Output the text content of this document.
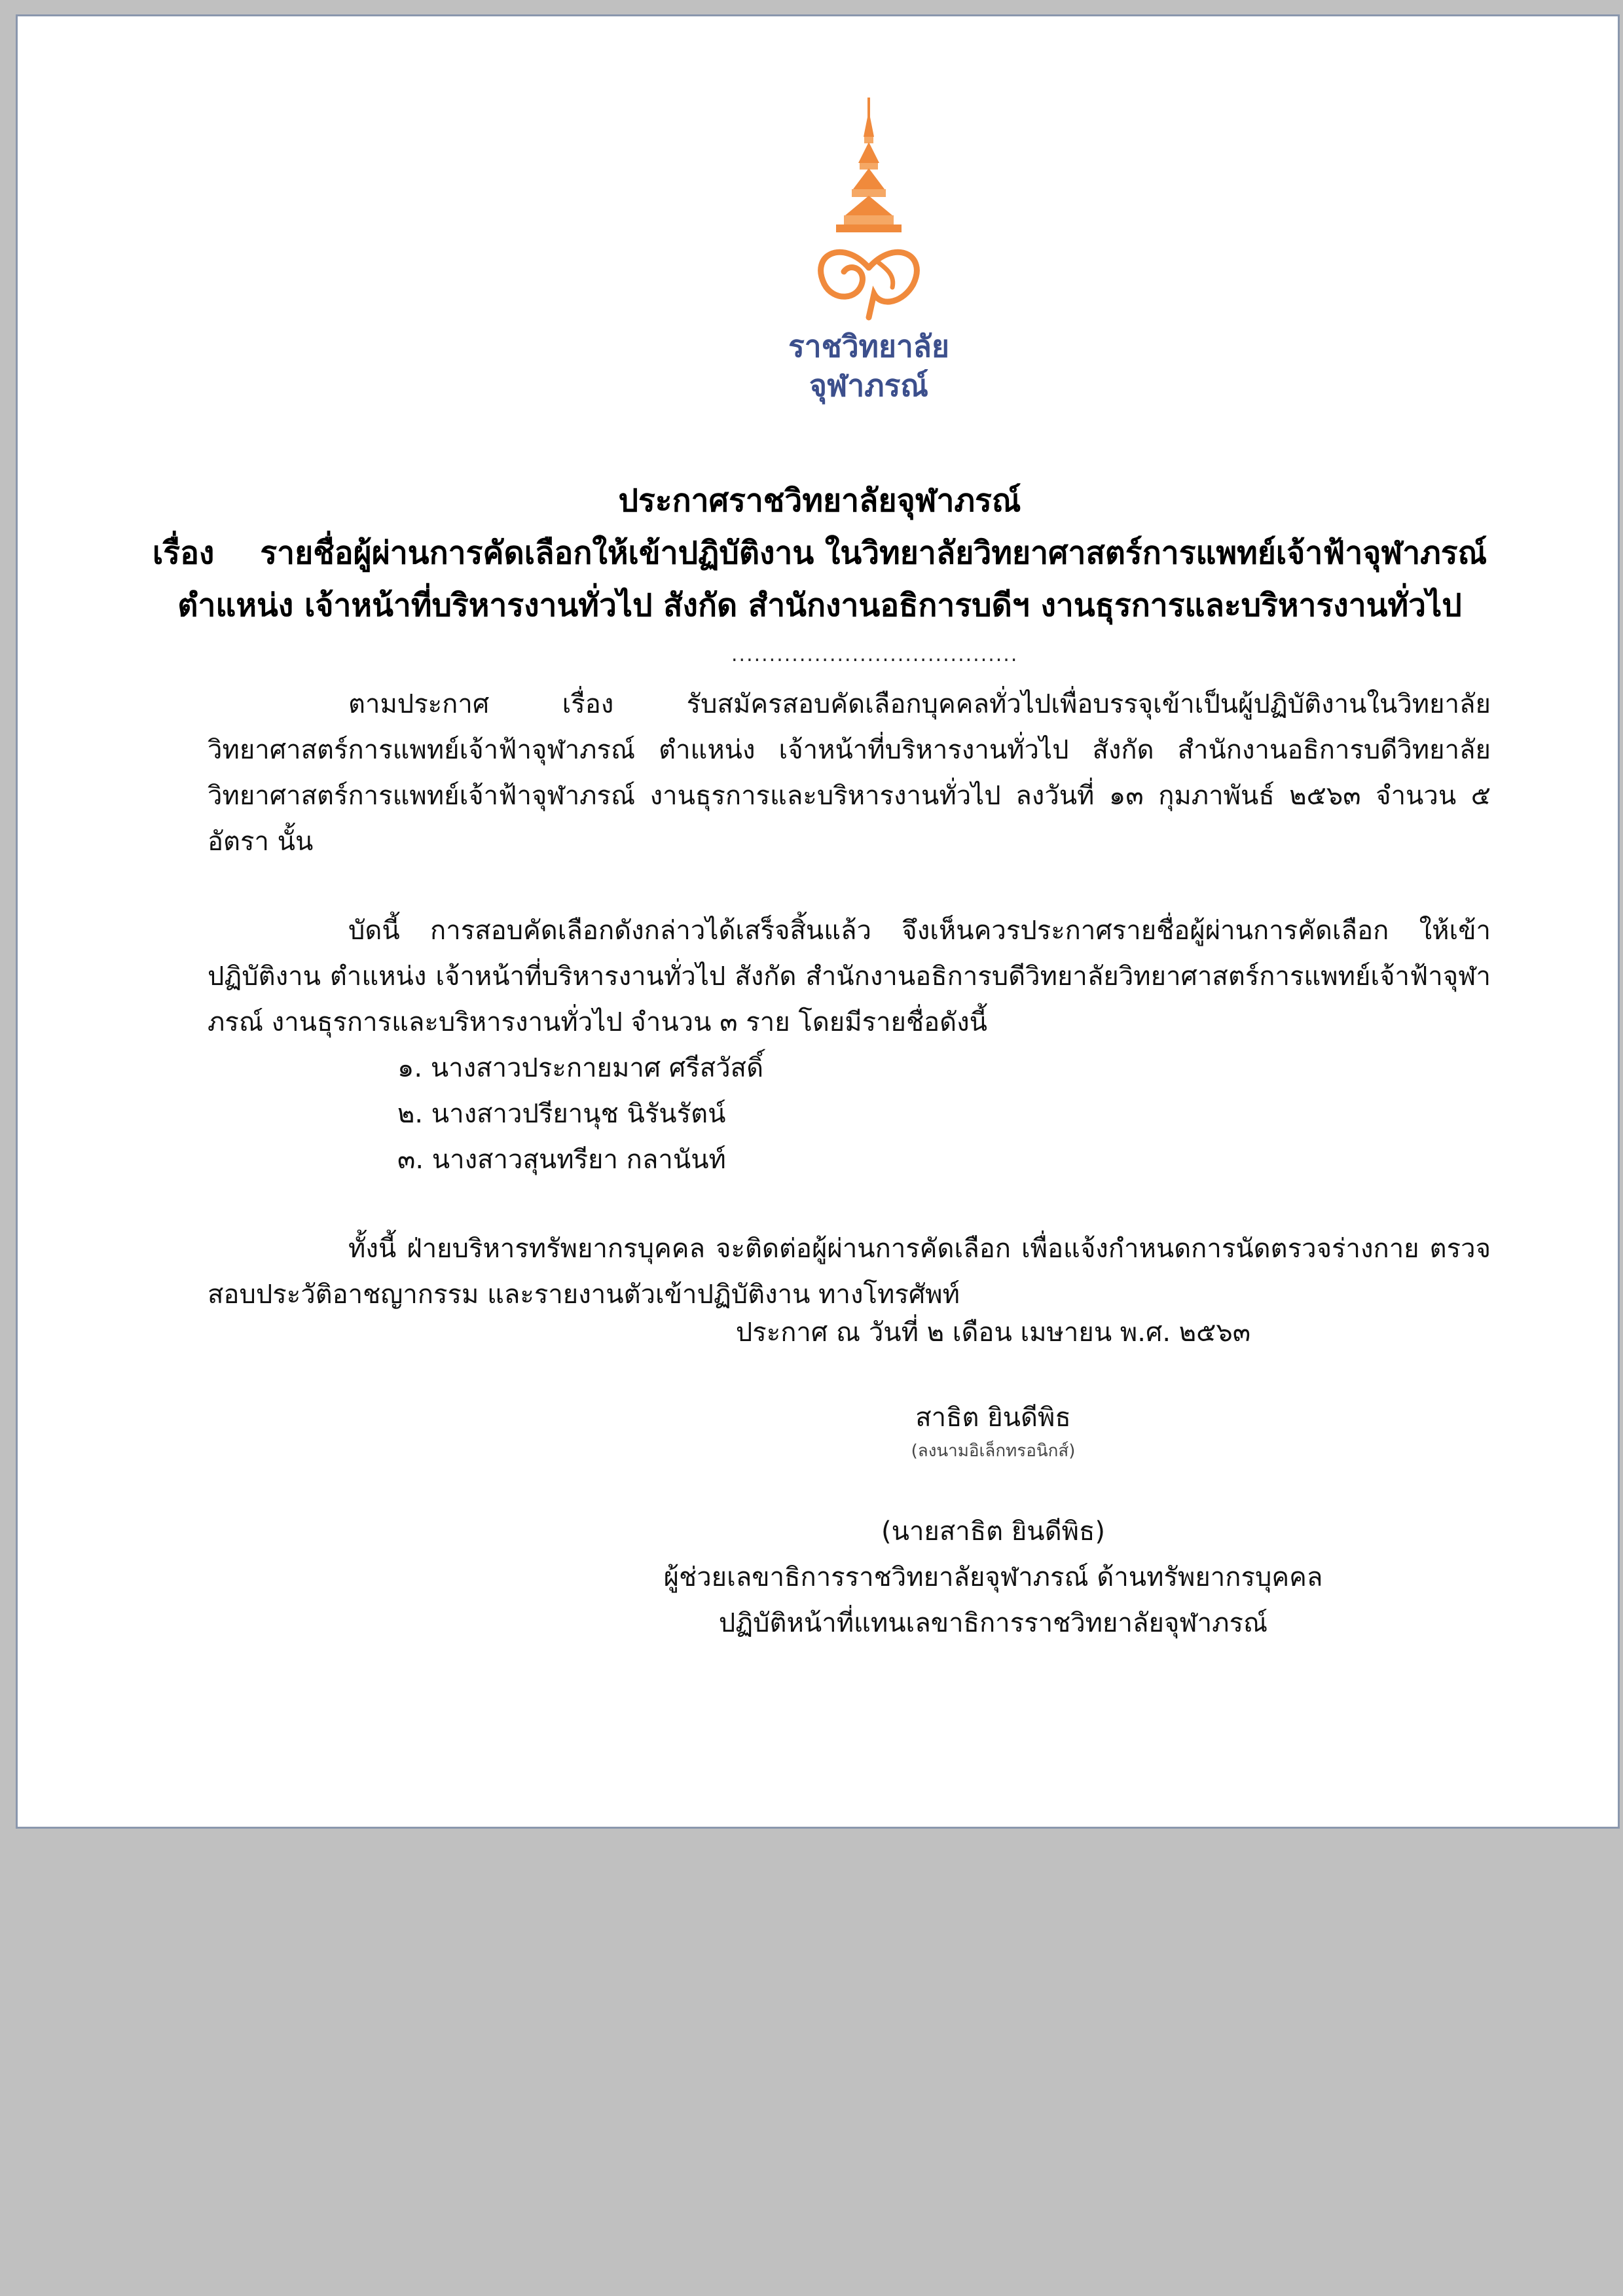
ราชวิทยาลัย
จุฬาภรณ์
ประกาศราชวิทยาลัยจุฬาภรณ์
เรื่อง รายชื่อผู้ผ่านการคัดเลือกให้เข้าปฏิบัติงาน ในวิทยาลัยวิทยาศาสตร์การแพทย์เจ้าฟ้าจุฬาภรณ์
ตำแหน่ง เจ้าหน้าที่บริหารงานทั่วไป สังกัด สำนักงานอธิการบดีฯ งานธุรการและบริหารงานทั่วไป
......................................

ตามประกาศ เรื่อง รับสมัครสอบคัดเลือกบุคคลทั่วไปเพื่อบรรจุเข้าเป็นผู้ปฏิบัติงานในวิทยาลัยวิทยาศาสตร์การแพทย์เจ้าฟ้าจุฬาภรณ์ ตำแหน่ง เจ้าหน้าที่บริหารงานทั่วไป สังกัด สำนักงานอธิการบดีวิทยาลัยวิทยาศาสตร์การแพทย์เจ้าฟ้าจุฬาภรณ์ งานธุรการและบริหารงานทั่วไป ลงวันที่ ๑๓ กุมภาพันธ์ ๒๕๖๓ จำนวน ๕ อัตรา นั้น

บัดนี้ การสอบคัดเลือกดังกล่าวได้เสร็จสิ้นแล้ว จึงเห็นควรประกาศรายชื่อผู้ผ่านการคัดเลือก ให้เข้าปฏิบัติงาน ตำแหน่ง เจ้าหน้าที่บริหารงานทั่วไป สังกัด สำนักงานอธิการบดีวิทยาลัยวิทยาศาสตร์การแพทย์เจ้าฟ้าจุฬาภรณ์ งานธุรการและบริหารงานทั่วไป จำนวน ๓ ราย โดยมีรายชื่อดังนี้

๑. นางสาวประกายมาศ ศรีสวัสดิ์
๒. นางสาวปรียานุช นิรันรัตน์
๓. นางสาวสุนทรียา กลานันท์

ทั้งนี้ ฝ่ายบริหารทรัพยากรบุคคล จะติดต่อผู้ผ่านการคัดเลือก เพื่อแจ้งกำหนดการนัดตรวจร่างกาย ตรวจสอบประวัติอาชญากรรม และรายงานตัวเข้าปฏิบัติงาน ทางโทรศัพท์

ประกาศ ณ วันที่ ๒ เดือน เมษายน พ.ศ. ๒๕๖๓
สาธิต ยินดีพิธ
(ลงนามอิเล็กทรอนิกส์)
(นายสาธิต ยินดีพิธ)
ผู้ช่วยเลขาธิการราชวิทยาลัยจุฬาภรณ์ ด้านทรัพยากรบุคคล
ปฏิบัติหน้าที่แทนเลขาธิการราชวิทยาลัยจุฬาภรณ์
